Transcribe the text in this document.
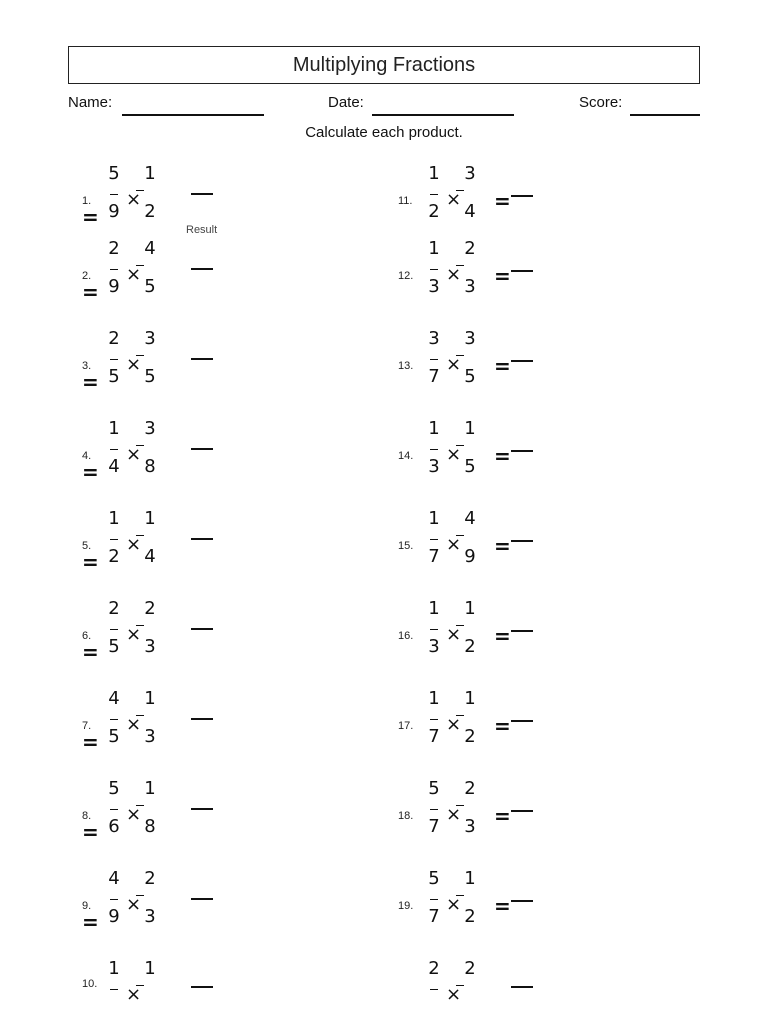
Multiplying Fractions
Name:	Date:	Score:
Calculate each product.
1.
5
9
×
1
2
=
Result
2.
2
9
×
4
5
=
3.
2
5
×
3
5
=
4.
1
4
×
3
8
=
5.
1
2
×
1
4
=
6.
2
5
×
2
3
=
7.
4
5
×
1
3
=
8.
5
6
×
1
8
=
9.
4
9
×
2
3
=
10.
1
×
1
11.
1
2
×
3
4 =
12.
1
3
×
2
3 =
13.
3
7
×
3
5 =
14.
1
3
×
1
5 =
15.
1
7
×
4
9 =
16.
1
3
×
1
2 =
17.
1
7
×
1
2 =
18.
5
7
×
2
3 =
19.
5
7
×
1
2 =
2
×
2
